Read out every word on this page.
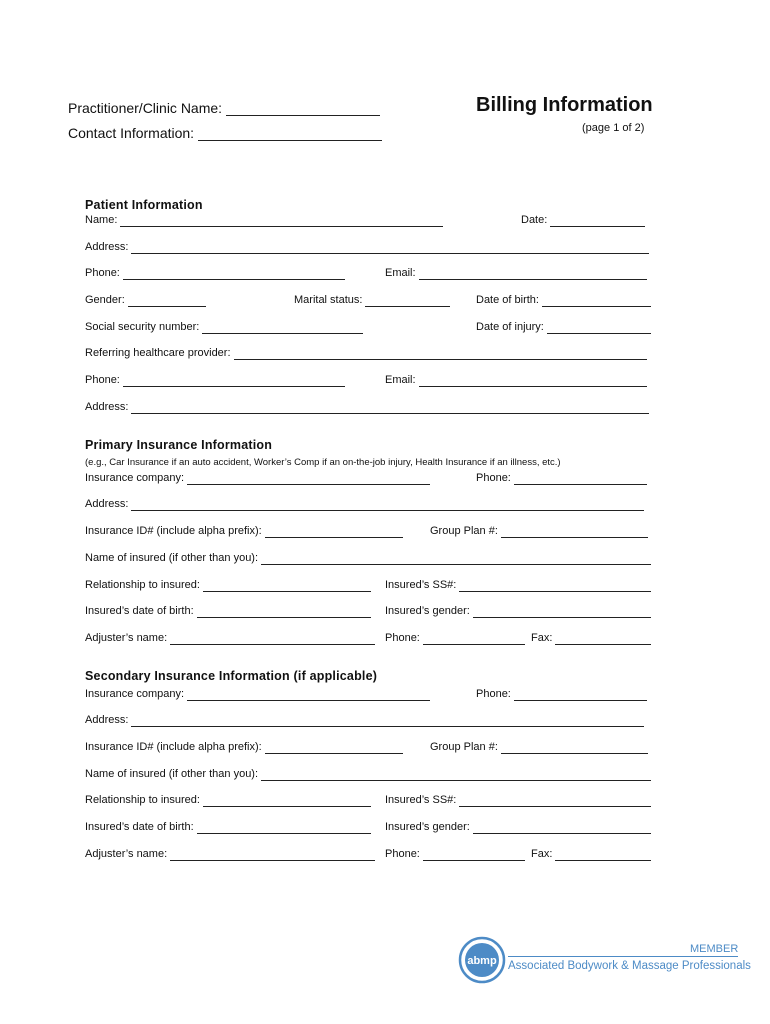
Practitioner/Clinic Name:
Contact Information:
Billing Information
(page 1 of 2)
Patient Information
Name:	Date:
Address:
Phone:	Email:
Gender:	Marital status:	Date of birth:
Social security number:	Date of injury:
Referring healthcare provider:
Phone:	Email:
Address:
Primary Insurance Information
(e.g., Car Insurance if an auto accident, Worker’s Comp if an on-the-job injury, Health Insurance if an illness, etc.)
Insurance company:	Phone:
Address:
Insurance ID# (include alpha prefix):	Group Plan #:
Name of insured (if other than you):
Relationship to insured:	Insured’s SS#:
Insured’s date of birth:	Insured’s gender:
Adjuster’s name:	Phone:	Fax:
Secondary Insurance Information (if applicable)
Insurance company:	Phone:
Address:
Insurance ID# (include alpha prefix):	Group Plan #:
Name of insured (if other than you):
Relationship to insured:	Insured’s SS#:
Insured’s date of birth:	Insured’s gender:
Adjuster’s name:	Phone:	Fax:
abmp
MEMBER
Associated Bodywork & Massage Professionals
